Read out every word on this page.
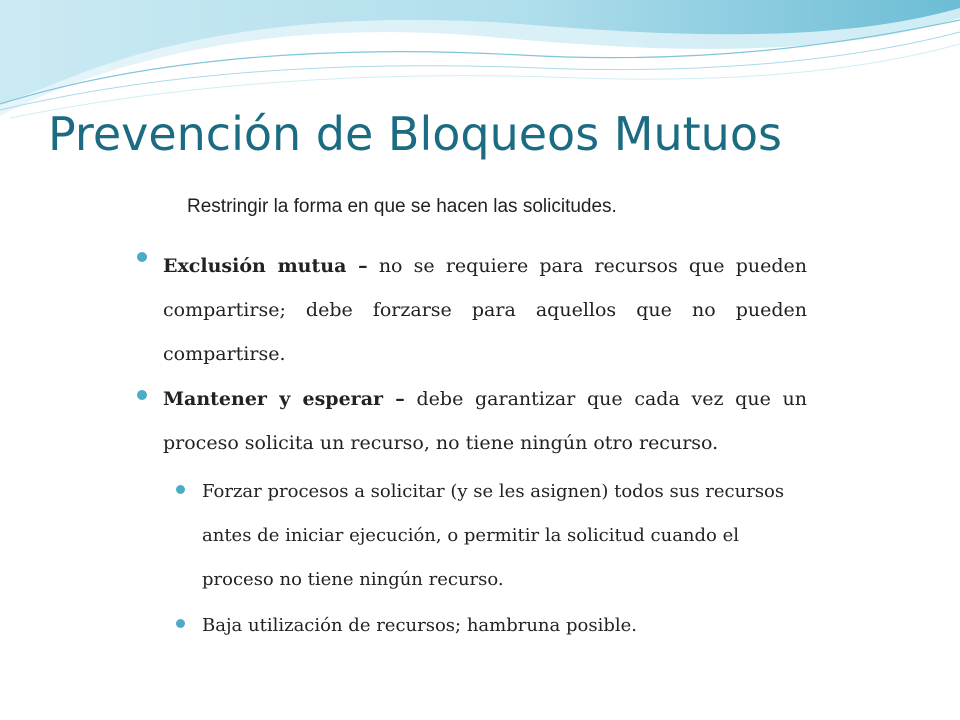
Prevención de Bloqueos Mutuos
Restringir la forma en que se hacen las solicitudes.
Exclusión mutua – no se requiere para recursos que pueden compartirse; debe forzarse para aquellos que no pueden compartirse.
Mantener y esperar – debe garantizar que cada vez que un proceso solicita un recurso, no tiene ningún otro recurso.
Forzar procesos a solicitar (y se les asignen) todos sus recursos antes de iniciar ejecución, o permitir la solicitud cuando el proceso no tiene ningún recurso.
Baja utilización de recursos; hambruna posible.
